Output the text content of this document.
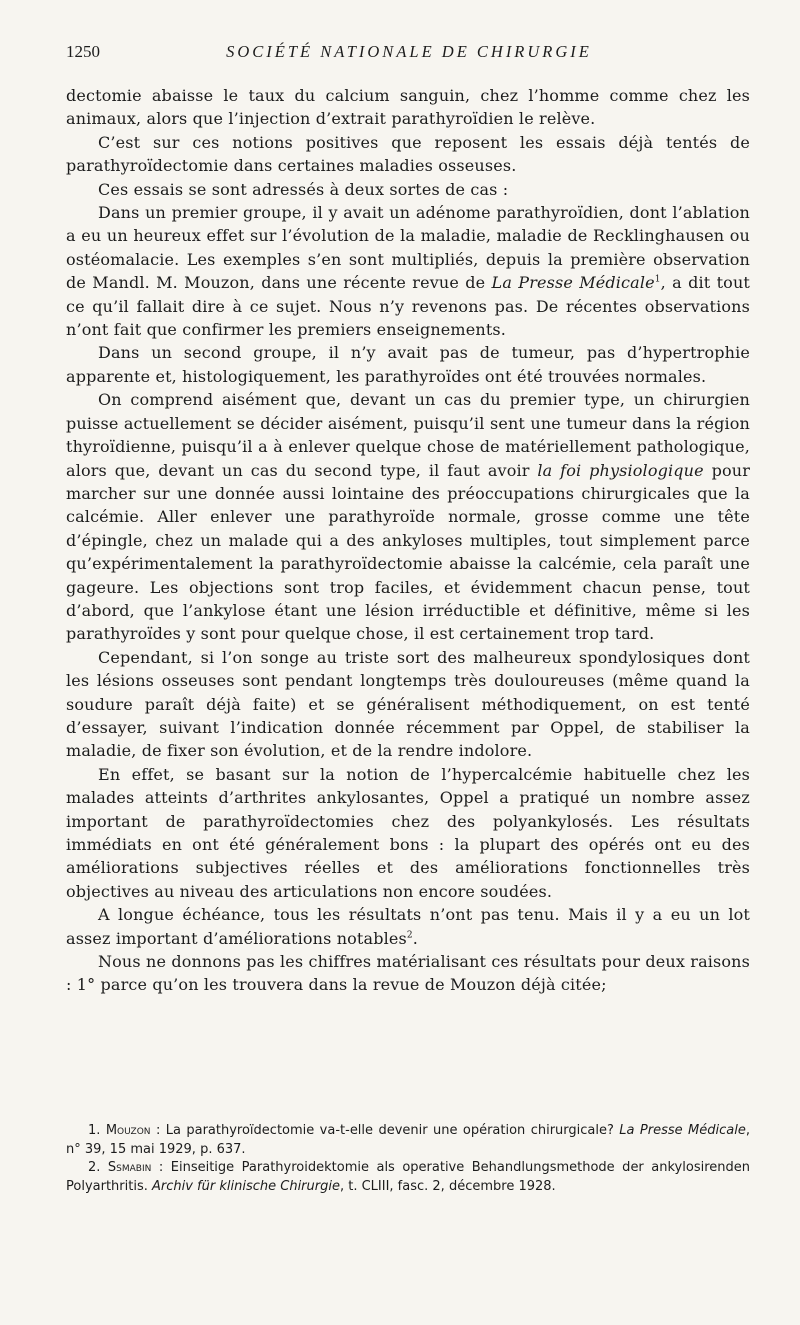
1250	SOCIÉTÉ NATIONALE DE CHIRURGIE

dectomie abaisse le taux du calcium sanguin, chez l’homme comme chez les animaux, alors que l’injection d’extrait parathyroïdien le relève.

C’est sur ces notions positives que reposent les essais déjà tentés de parathyroïdectomie dans certaines maladies osseuses.

Ces essais se sont adressés à deux sortes de cas :

Dans un premier groupe, il y avait un adénome parathyroïdien, dont l’ablation a eu un heureux effet sur l’évolution de la maladie, maladie de Recklinghausen ou ostéomalacie. Les exemples s’en sont multipliés, depuis la première observation de Mandl. M. Mouzon, dans une récente revue de La Presse Médicale$^1$, a dit tout ce qu’il fallait dire à ce sujet. Nous n’y revenons pas. De récentes observations n’ont fait que confirmer les premiers enseignements.

Dans un second groupe, il n’y avait pas de tumeur, pas d’hypertrophie apparente et, histologiquement, les parathyroïdes ont été trouvées normales.

On comprend aisément que, devant un cas du premier type, un chirurgien puisse actuellement se décider aisément, puisqu’il sent une tumeur dans la région thyroïdienne, puisqu’il a à enlever quelque chose de matériellement pathologique, alors que, devant un cas du second type, il faut avoir la foi physiologique pour marcher sur une donnée aussi lointaine des préoccupations chirurgicales que la calcémie. Aller enlever une parathyroïde normale, grosse comme une tête d’épingle, chez un malade qui a des ankyloses multiples, tout simplement parce qu’expérimentalement la parathyroïdectomie abaisse la calcémie, cela paraît une gageure. Les objections sont trop faciles, et évidemment chacun pense, tout d’abord, que l’ankylose étant une lésion irréductible et définitive, même si les parathyroïdes y sont pour quelque chose, il est certainement trop tard.

Cependant, si l’on songe au triste sort des malheureux spondylosiques dont les lésions osseuses sont pendant longtemps très douloureuses (même quand la soudure paraît déjà faite) et se généralisent méthodiquement, on est tenté d’essayer, suivant l’indication donnée récemment par Oppel, de stabiliser la maladie, de fixer son évolution, et de la rendre indolore.

En effet, se basant sur la notion de l’hypercalcémie habituelle chez les malades atteints d’arthrites ankylosantes, Oppel a pratiqué un nombre assez important de parathyroïdectomies chez des polyankylosés. Les résultats immédiats en ont été généralement bons : la plupart des opérés ont eu des améliorations subjectives réelles et des améliorations fonctionnelles très objectives au niveau des articulations non encore soudées.

A longue échéance, tous les résultats n’ont pas tenu. Mais il y a eu un lot assez important d’améliorations notables$^2$.

Nous ne donnons pas les chiffres matérialisant ces résultats pour deux raisons : 1° parce qu’on les trouvera dans la revue de Mouzon déjà citée;

1. Mouzon : La parathyroïdectomie va-t-elle devenir une opération chirurgicale? La Presse Médicale, n° 39, 15 mai 1929, p. 637.

2. Ssmabin : Einseitige Parathyroidektomie als operative Behandlungsmethode der ankylosirenden Polyarthritis. Archiv für klinische Chirurgie, t. CLIII, fasc. 2, décembre 1928.
